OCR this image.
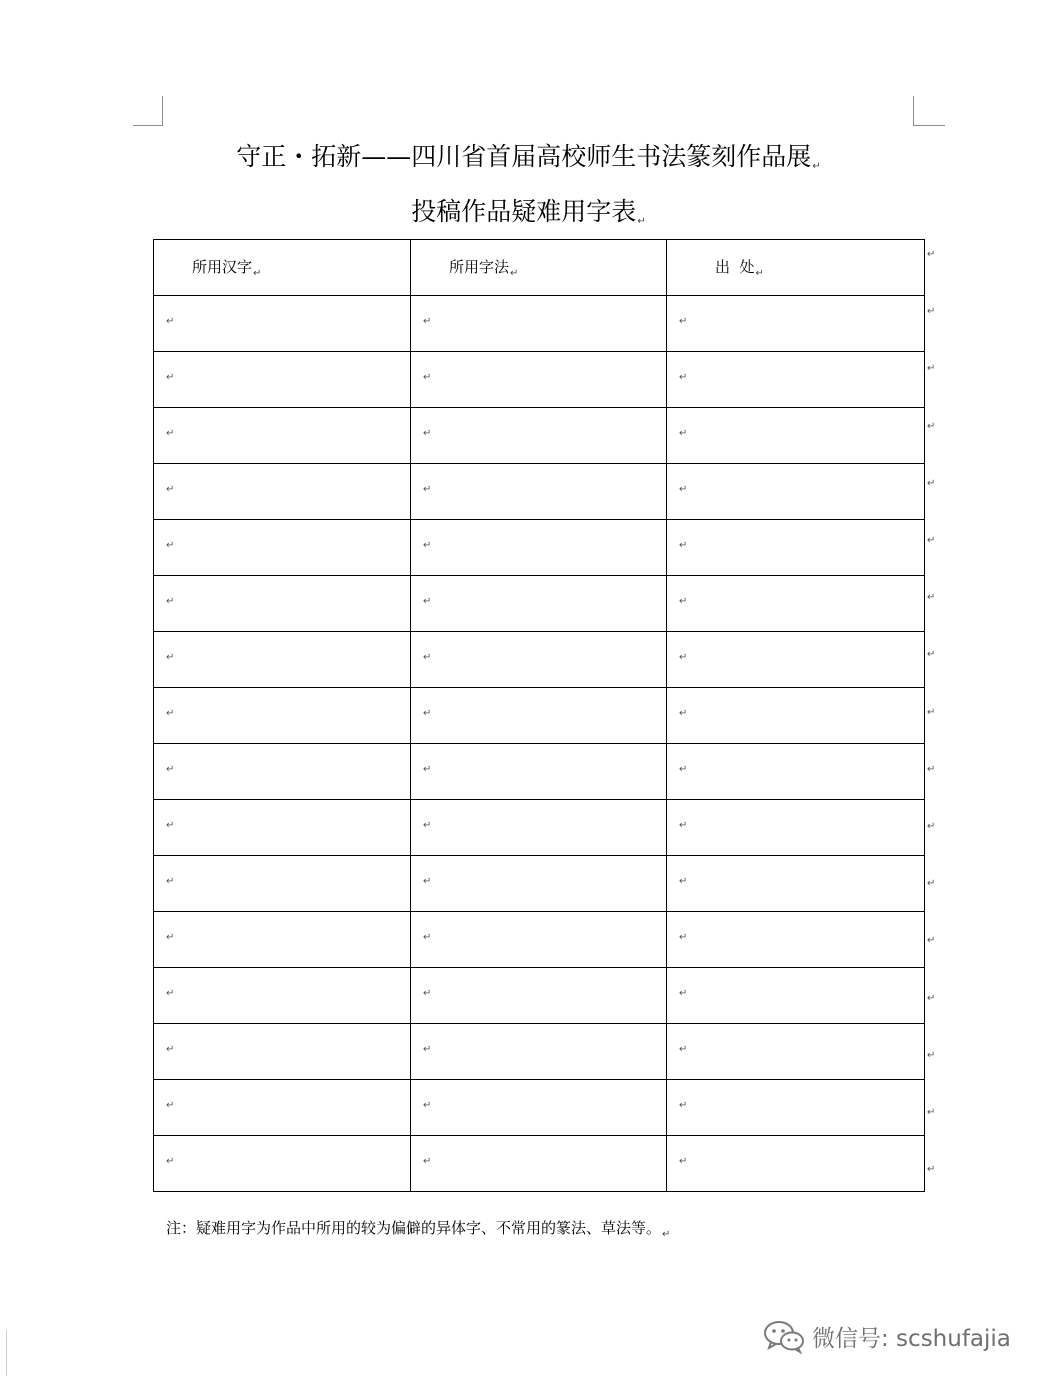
守正・拓新——四川省首届高校师生书法篆刻作品展↵
投稿作品疑难用字表↵
所用汉字$_↵$	所用字法$_↵$	出  处$_↵$

↵	↵	↵

↵	↵	↵

↵	↵	↵

↵	↵	↵

↵	↵	↵

↵	↵	↵

↵	↵	↵

↵	↵	↵

↵	↵	↵

↵	↵	↵

↵	↵	↵

↵	↵	↵

↵	↵	↵

↵	↵	↵

↵	↵	↵

↵	↵	↵
↵
↵
↵
↵
↵
↵
↵
↵
↵
↵
↵
↵
↵
↵
↵
↵
↵
注：疑难用字为作品中所用的较为偏僻的异体字、不常用的篆法、草法等。$_↵$
微信号: scshufajia
